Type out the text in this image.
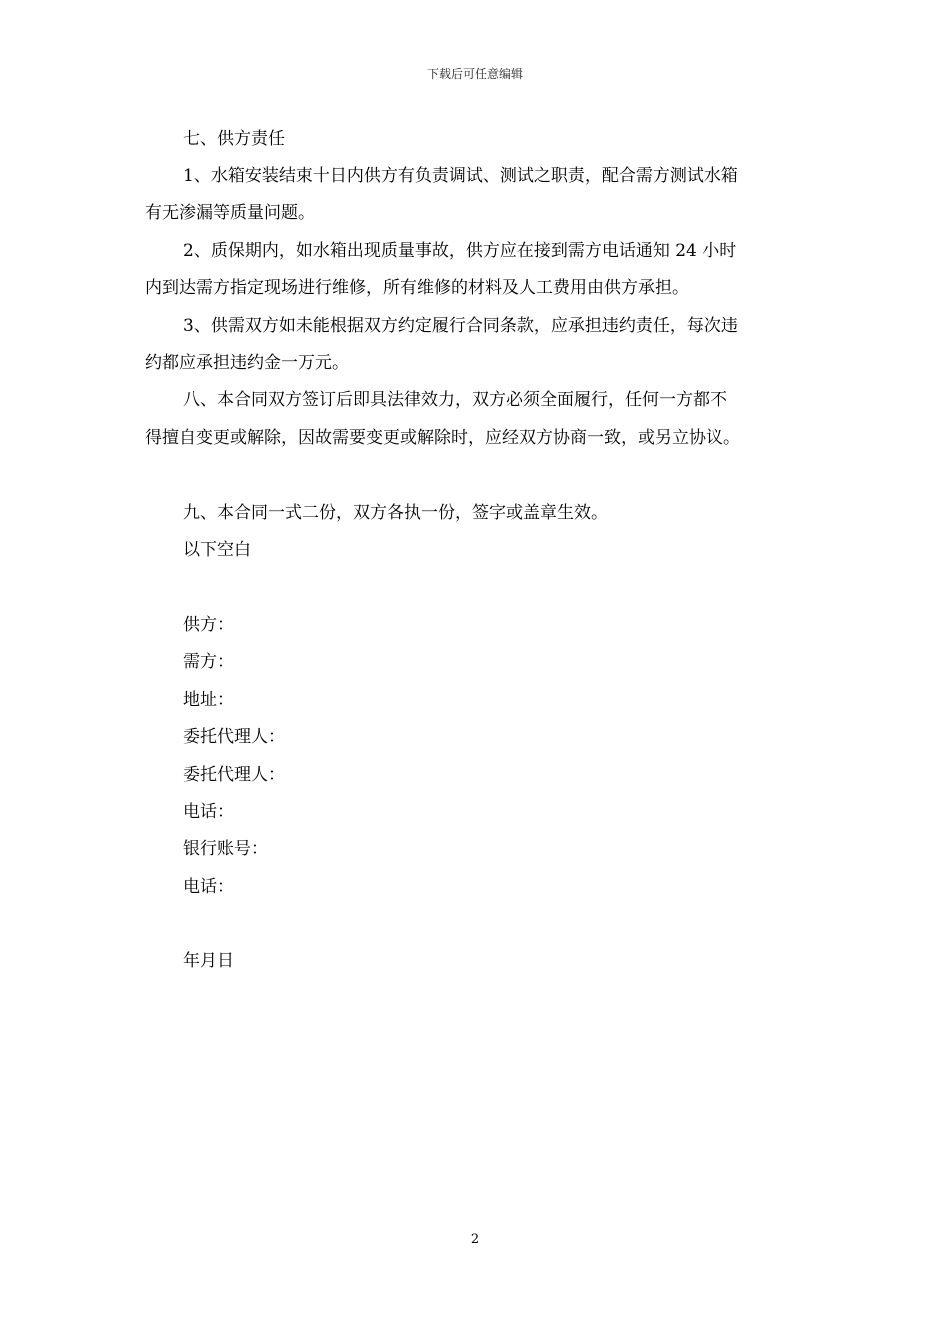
下载后可任意编辑
七、供方责任
1、水箱安装结束十日内供方有负责调试、测试之职责，配合需方测试水箱
有无渗漏等质量问题。
2、质保期内，如水箱出现质量事故，供方应在接到需方电话通知 24 小时
内到达需方指定现场进行维修，所有维修的材料及人工费用由供方承担。
3、供需双方如未能根据双方约定履行合同条款，应承担违约责任，每次违
约都应承担违约金一万元。
八、本合同双方签订后即具法律效力，双方必须全面履行，任何一方都不
得擅自变更或解除，因故需要变更或解除时，应经双方协商一致，或另立协议。
九、本合同一式二份，双方各执一份，签字或盖章生效。
以下空白
供方：
需方：
地址：
委托代理人：
委托代理人：
电话：
银行账号：
电话：
年月日
2
